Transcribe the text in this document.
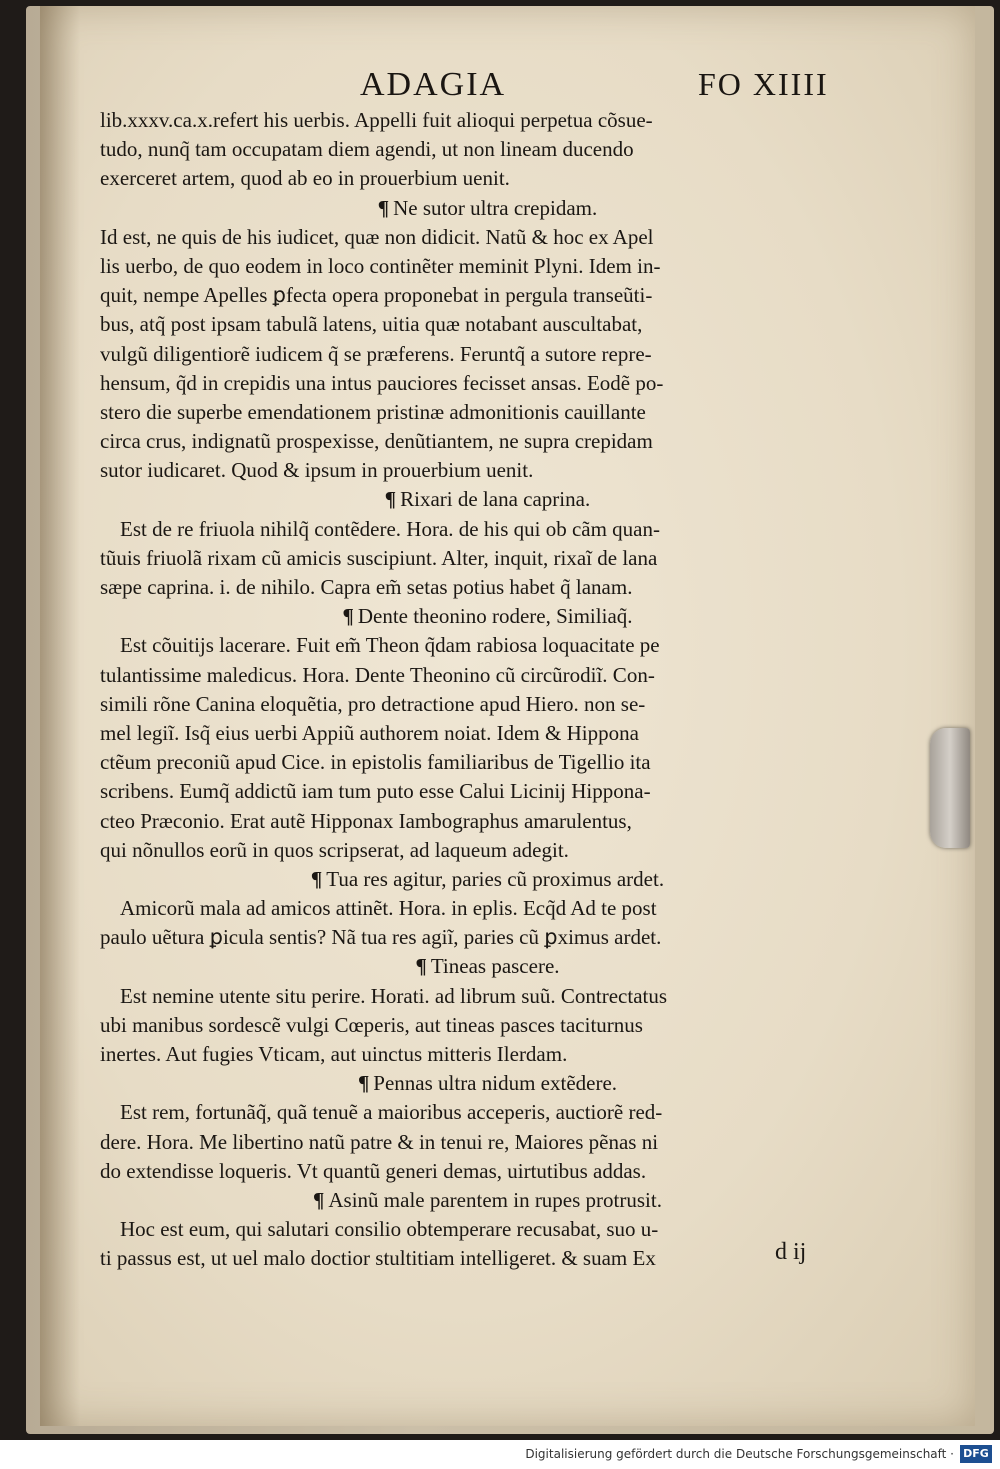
ADAGIA	FO XIIII
lib.xxxv.ca.x.refert his uerbis. Appelli fuit alioqui perpetua cõsue-
tudo, nunq̃ tam occupatam diem agendi, ut non lineam ducendo
exerceret artem, quod ab eo in prouerbium uenit.
¶ Ne sutor ultra crepidam.
Id est, ne quis de his iudicet, quæ non didicit. Natũ & hoc ex Apel
lis uerbo, de quo eodem in loco continẽter meminit Plyni. Idem in-
quit, nempe Apelles ꝑfecta opera proponebat in pergula transeũti-
bus, atq̃ post ipsam tabulã latens, uitia quæ notabant auscultabat,
vulgũ diligentiorẽ iudicem q̃ se præferens. Feruntq̃ a sutore repre-
hensum, q̃d in crepidis una intus pauciores fecisset ansas. Eodẽ po-
stero die superbe emendationem pristinæ admonitionis cauillante
circa crus, indignatũ prospexisse, denũtiantem, ne supra crepidam
sutor iudicaret. Quod & ipsum in prouerbium uenit.
¶ Rixari de lana caprina.
Est de re friuola nihilq̃ contẽdere. Hora. de his qui ob cãm quan-
tũuis friuolã rixam cũ amicis suscipiunt. Alter, inquit, rixaĩ de lana
sæpe caprina. i. de nihilo. Capra em̃ setas potius habet q̃ lanam.
¶ Dente theonino rodere, Similiaq̃.
Est cõuitijs lacerare. Fuit em̃ Theon q̃dam rabiosa loquacitate pe
tulantissime maledicus. Hora. Dente Theonino cũ circũrodiĩ. Con-
simili rõne Canina eloquẽtia, pro detractione apud Hiero. non se-
mel legiĩ. Isq̃ eius uerbi Appiũ authorem noiat. Idem & Hippona
ctẽum preconiũ apud Cice. in epistolis familiaribus de Tigellio ita
scribens. Eumq̃ addictũ iam tum puto esse Calui Licinij Hippona-
cteo Præconio. Erat autẽ Hipponax Iambographus amarulentus,
qui nõnullos eorũ in quos scripserat, ad laqueum adegit.
¶ Tua res agitur, paries cũ proximus ardet.
Amicorũ mala ad amicos attinẽt. Hora. in eplis. Ecq̃d Ad te post
paulo uẽtura ꝑicula sentis? Nã tua res agiĩ, paries cũ ꝑximus ardet.
¶ Tineas pascere.
Est nemine utente situ perire. Horati. ad librum suũ. Contrectatus
ubi manibus sordescẽ vulgi Cœperis, aut tineas pasces taciturnus
inertes. Aut fugies Vticam, aut uinctus mitteris Ilerdam.
¶ Pennas ultra nidum extẽdere.
Est rem, fortunãq̃, quã tenuẽ a maioribus acceperis, auctiorẽ red-
dere. Hora. Me libertino natũ patre & in tenui re, Maiores pẽnas ni
do extendisse loqueris. Vt quantũ generi demas, uirtutibus addas.
¶ Asinũ male parentem in rupes protrusit.
Hoc est eum, qui salutari consilio obtemperare recusabat, suo u-
ti passus est, ut uel malo doctior stultitiam intelligeret. & suam Ex	d ij
Digitalisierung gefördert durch die Deutsche Forschungsgemeinschaft · DFG
